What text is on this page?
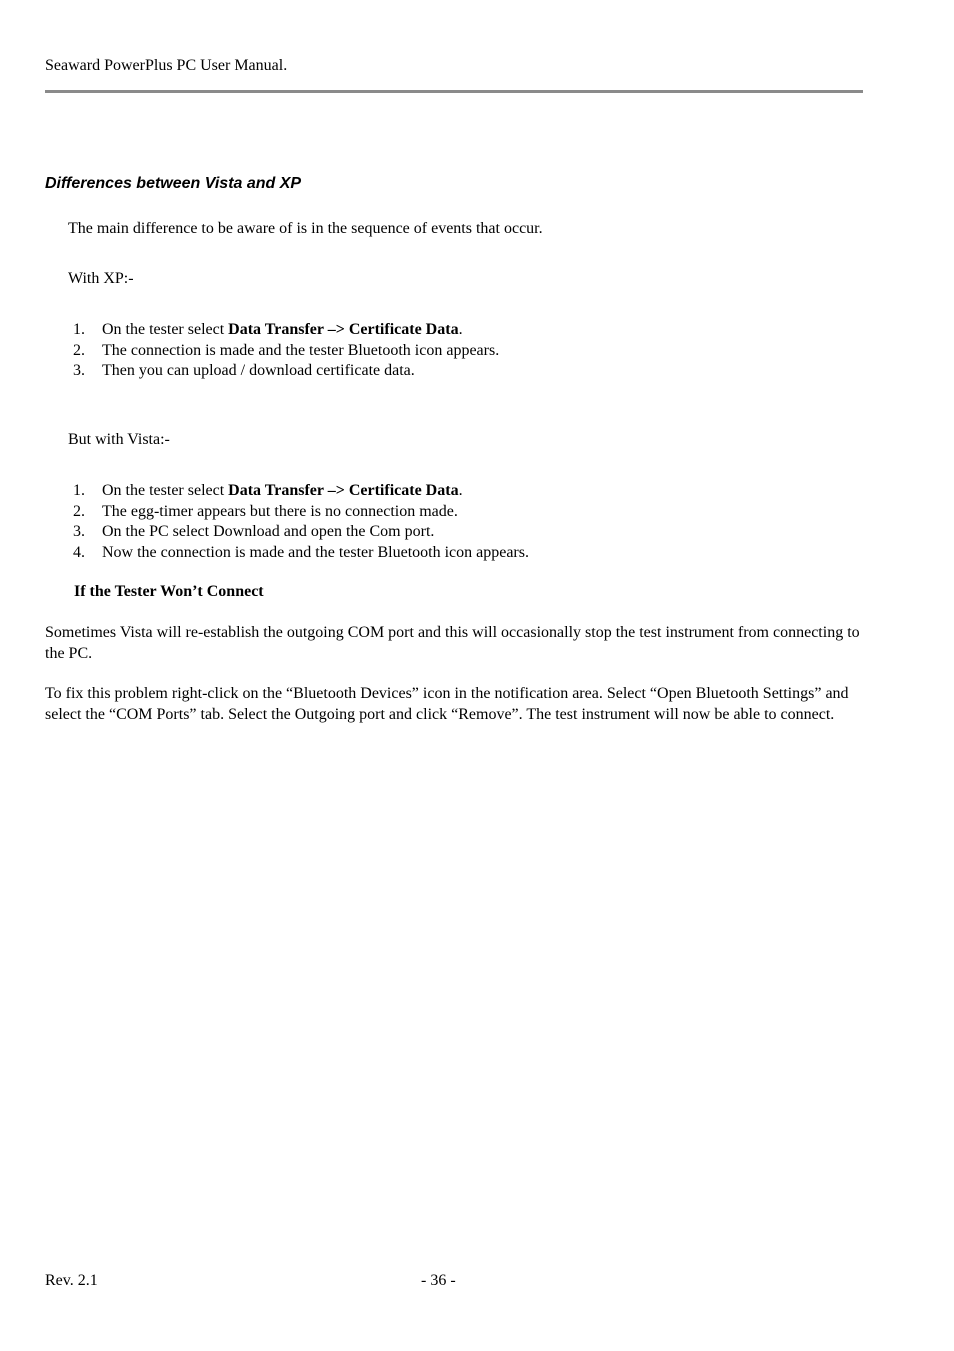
Seaward PowerPlus PC User Manual.
Differences between Vista and XP
The main difference to be aware of is in the sequence of events that occur.
With XP:-
1.	On the tester select Data Transfer –> Certificate Data.
2.	The connection is made and the tester Bluetooth icon appears.
3.	Then you can upload / download certificate data.
But with Vista:-
1.	On the tester select Data Transfer –> Certificate Data.
2.	The egg-timer appears but there is no connection made.
3.	On the PC select Download and open the Com port.
4.	Now the connection is made and the tester Bluetooth icon appears.
If the Tester Won’t Connect
Sometimes Vista will re-establish the outgoing COM port and this will occasionally stop the test instrument from connecting to the PC.
To fix this problem right-click on the “Bluetooth Devices” icon in the notification area. Select “Open Bluetooth Settings” and select the “COM Ports” tab. Select the Outgoing port and click “Remove”. The test instrument will now be able to connect.
Rev. 2.1	- 36 -
